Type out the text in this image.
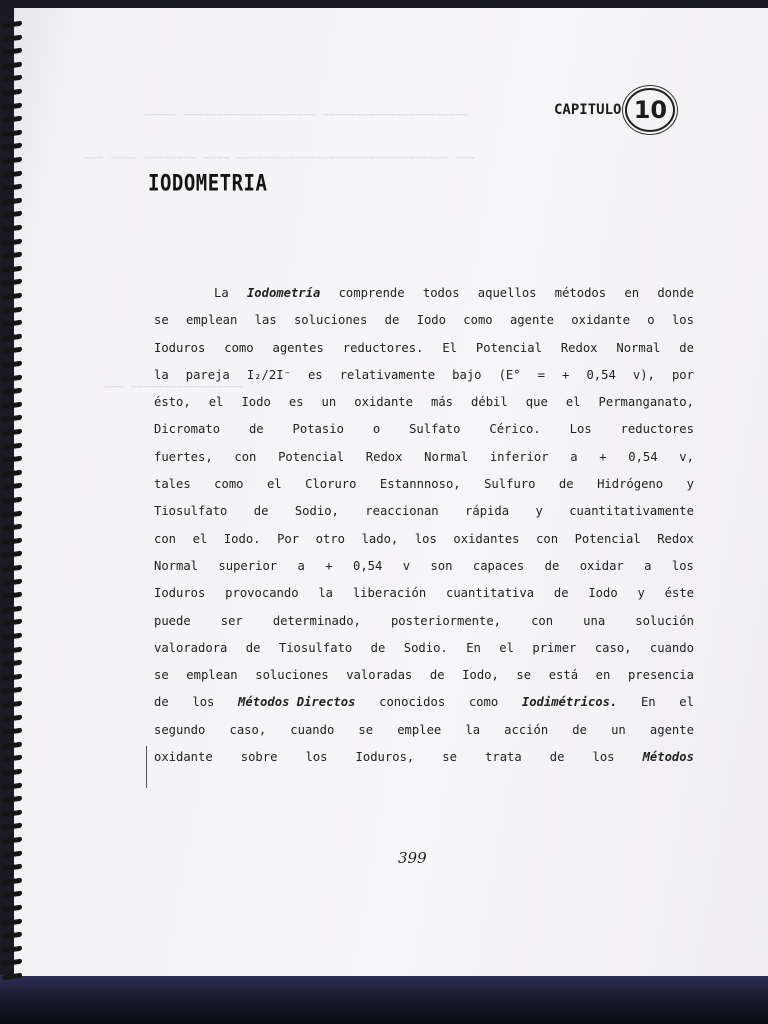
~~~~~ ~~~~~~~~~~~~~~~~~~~~ ~~~~~~~~~~~~~~~~~~~~~~
~~~ ~~~~ ~~~~~~~~ ~~~~ ~~~~~~~~~~~~~~~~~~~~~~~~~~~~~~~~ ~~~
~~~ ~~~~~~~~~~~~~~~~~
CAPITULO 10
IODOMETRIA
La Iodometría comprende todos aquellos métodos en donde
se emplean las soluciones de Iodo como agente oxidante o los
Ioduros como agentes reductores. El Potencial Redox Normal de
la pareja I₂/2I⁻ es relativamente bajo (E° = + 0,54 v), por
ésto, el Iodo es un oxidante más débil que el Permanganato,
Dicromato de Potasio o Sulfato Cérico. Los reductores
fuertes, con Potencial Redox Normal inferior a + 0,54 v,
tales como el Cloruro Estannnoso, Sulfuro de Hidrógeno y
Tiosulfato de Sodio, reaccionan rápida y cuantitativamente
con el Iodo. Por otro lado, los oxidantes con Potencial Redox
Normal superior a + 0,54 v son capaces de oxidar a los
Ioduros provocando la liberación cuantitativa de Iodo y éste
puede ser determinado, posteriormente, con una solución
valoradora de Tiosulfato de Sodio. En el primer caso, cuando
se emplean soluciones valoradas de Iodo, se está en presencia
de los Métodos Directos conocidos como Iodimétricos. En el
segundo caso, cuando se emplee la acción de un agente
oxidante sobre los Ioduros, se trata de los Métodos
399
